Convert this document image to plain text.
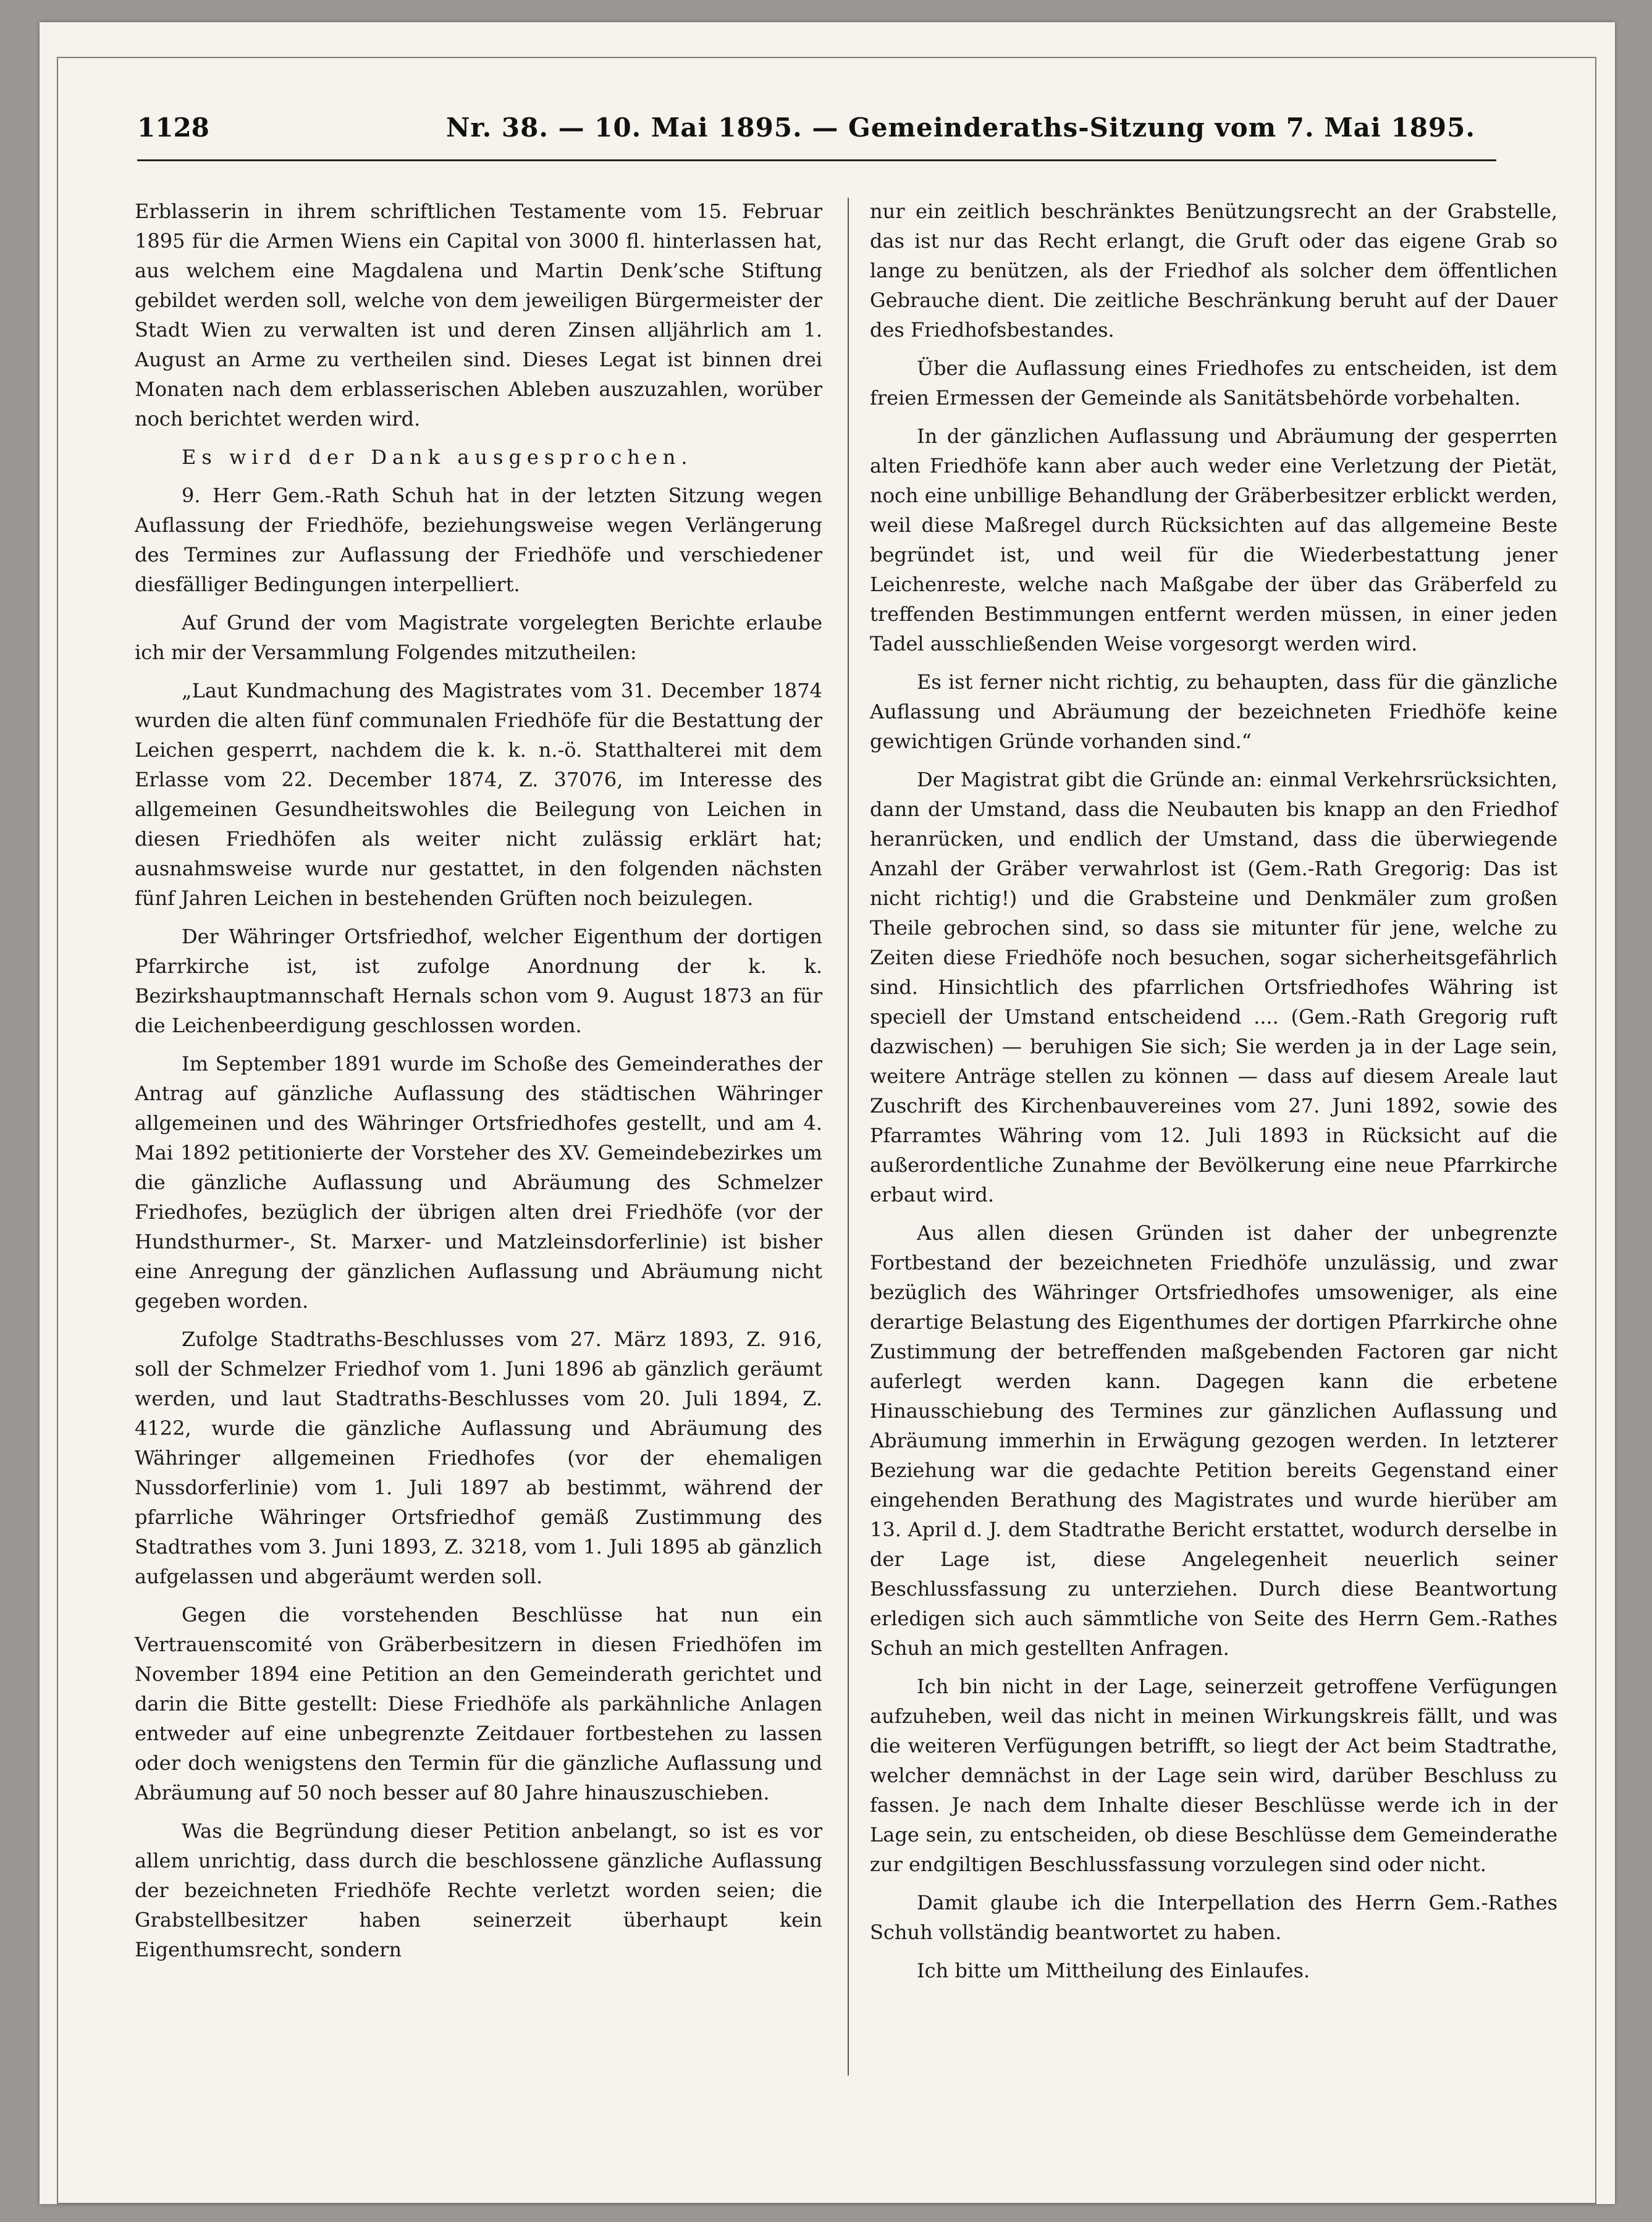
1128	Nr. 38. — 10. Mai 1895. — Gemeinderaths-Sitzung vom 7. Mai 1895.

Erblasserin in ihrem schriftlichen Testamente vom 15. Februar 1895 für die Armen Wiens ein Capital von 3000 fl. hinterlassen hat, aus welchem eine Magdalena und Martin Denk’sche Stiftung gebildet werden soll, welche von dem jeweiligen Bürgermeister der Stadt Wien zu verwalten ist und deren Zinsen alljährlich am 1. August an Arme zu vertheilen sind. Dieses Legat ist binnen drei Monaten nach dem erblasserischen Ableben auszuzahlen, worüber noch berichtet werden wird.

Es wird der Dank ausgesprochen.

9. Herr Gem.-Rath Schuh hat in der letzten Sitzung wegen Auflassung der Friedhöfe, beziehungsweise wegen Verlängerung des Termines zur Auflassung der Friedhöfe und verschiedener diesfälliger Bedingungen interpelliert.

Auf Grund der vom Magistrate vorgelegten Berichte erlaube ich mir der Versammlung Folgendes mitzutheilen:

„Laut Kundmachung des Magistrates vom 31. December 1874 wurden die alten fünf communalen Friedhöfe für die Bestattung der Leichen gesperrt, nachdem die k. k. n.-ö. Statthalterei mit dem Erlasse vom 22. December 1874, Z. 37076, im Interesse des allgemeinen Gesundheitswohles die Beilegung von Leichen in diesen Friedhöfen als weiter nicht zulässig erklärt hat; ausnahmsweise wurde nur gestattet, in den folgenden nächsten fünf Jahren Leichen in bestehenden Grüften noch beizulegen.

Der Währinger Ortsfriedhof, welcher Eigenthum der dortigen Pfarrkirche ist, ist zufolge Anordnung der k. k. Bezirkshauptmannschaft Hernals schon vom 9. August 1873 an für die Leichenbeerdigung geschlossen worden.

Im September 1891 wurde im Schoße des Gemeinderathes der Antrag auf gänzliche Auflassung des städtischen Währinger allgemeinen und des Währinger Ortsfriedhofes gestellt, und am 4. Mai 1892 petitionierte der Vorsteher des XV. Gemeindebezirkes um die gänzliche Auflassung und Abräumung des Schmelzer Friedhofes, bezüglich der übrigen alten drei Friedhöfe (vor der Hundsthurmer-, St. Marxer- und Matzleinsdorferlinie) ist bisher eine Anregung der gänzlichen Auflassung und Abräumung nicht gegeben worden.

Zufolge Stadtraths-Beschlusses vom 27. März 1893, Z. 916, soll der Schmelzer Friedhof vom 1. Juni 1896 ab gänzlich geräumt werden, und laut Stadtraths-Beschlusses vom 20. Juli 1894, Z. 4122, wurde die gänzliche Auflassung und Abräumung des Währinger allgemeinen Friedhofes (vor der ehemaligen Nussdorferlinie) vom 1. Juli 1897 ab bestimmt, während der pfarrliche Währinger Ortsfriedhof gemäß Zustimmung des Stadtrathes vom 3. Juni 1893, Z. 3218, vom 1. Juli 1895 ab gänzlich aufgelassen und abgeräumt werden soll.

Gegen die vorstehenden Beschlüsse hat nun ein Vertrauenscomité von Gräberbesitzern in diesen Friedhöfen im November 1894 eine Petition an den Gemeinderath gerichtet und darin die Bitte gestellt: Diese Friedhöfe als parkähnliche Anlagen entweder auf eine unbegrenzte Zeitdauer fortbestehen zu lassen oder doch wenigstens den Termin für die gänzliche Auflassung und Abräumung auf 50 noch besser auf 80 Jahre hinauszuschieben.

Was die Begründung dieser Petition anbelangt, so ist es vor allem unrichtig, dass durch die beschlossene gänzliche Auflassung der bezeichneten Friedhöfe Rechte verletzt worden seien; die Grabstellbesitzer haben seinerzeit überhaupt kein Eigenthumsrecht, sondern

nur ein zeitlich beschränktes Benützungsrecht an der Grabstelle, das ist nur das Recht erlangt, die Gruft oder das eigene Grab so lange zu benützen, als der Friedhof als solcher dem öffentlichen Gebrauche dient. Die zeitliche Beschränkung beruht auf der Dauer des Friedhofsbestandes.

Über die Auflassung eines Friedhofes zu entscheiden, ist dem freien Ermessen der Gemeinde als Sanitätsbehörde vorbehalten.

In der gänzlichen Auflassung und Abräumung der gesperrten alten Friedhöfe kann aber auch weder eine Verletzung der Pietät, noch eine unbillige Behandlung der Gräberbesitzer erblickt werden, weil diese Maßregel durch Rücksichten auf das allgemeine Beste begründet ist, und weil für die Wiederbestattung jener Leichenreste, welche nach Maßgabe der über das Gräberfeld zu treffenden Bestimmungen entfernt werden müssen, in einer jeden Tadel ausschließenden Weise vorgesorgt werden wird.

Es ist ferner nicht richtig, zu behaupten, dass für die gänzliche Auflassung und Abräumung der bezeichneten Friedhöfe keine gewichtigen Gründe vorhanden sind.“

Der Magistrat gibt die Gründe an: einmal Verkehrsrücksichten, dann der Umstand, dass die Neubauten bis knapp an den Friedhof heranrücken, und endlich der Umstand, dass die überwiegende Anzahl der Gräber verwahrlost ist (Gem.-Rath Gregorig: Das ist nicht richtig!) und die Grabsteine und Denkmäler zum großen Theile gebrochen sind, so dass sie mitunter für jene, welche zu Zeiten diese Friedhöfe noch besuchen, sogar sicherheitsgefährlich sind. Hinsichtlich des pfarrlichen Ortsfriedhofes Währing ist speciell der Umstand entscheidend .... (Gem.-Rath Gregorig ruft dazwischen) — beruhigen Sie sich; Sie werden ja in der Lage sein, weitere Anträge stellen zu können — dass auf diesem Areale laut Zuschrift des Kirchenbauvereines vom 27. Juni 1892, sowie des Pfarramtes Währing vom 12. Juli 1893 in Rücksicht auf die außerordentliche Zunahme der Bevölkerung eine neue Pfarrkirche erbaut wird.

Aus allen diesen Gründen ist daher der unbegrenzte Fortbestand der bezeichneten Friedhöfe unzulässig, und zwar bezüglich des Währinger Ortsfriedhofes umsoweniger, als eine derartige Belastung des Eigenthumes der dortigen Pfarrkirche ohne Zustimmung der betreffenden maßgebenden Factoren gar nicht auferlegt werden kann. Dagegen kann die erbetene Hinausschiebung des Termines zur gänzlichen Auflassung und Abräumung immerhin in Erwägung gezogen werden. In letzterer Beziehung war die gedachte Petition bereits Gegenstand einer eingehenden Berathung des Magistrates und wurde hierüber am 13. April d. J. dem Stadtrathe Bericht erstattet, wodurch derselbe in der Lage ist, diese Angelegenheit neuerlich seiner Beschlussfassung zu unterziehen. Durch diese Beantwortung erledigen sich auch sämmtliche von Seite des Herrn Gem.-Rathes Schuh an mich gestellten Anfragen.

Ich bin nicht in der Lage, seinerzeit getroffene Verfügungen aufzuheben, weil das nicht in meinen Wirkungskreis fällt, und was die weiteren Verfügungen betrifft, so liegt der Act beim Stadtrathe, welcher demnächst in der Lage sein wird, darüber Beschluss zu fassen. Je nach dem Inhalte dieser Beschlüsse werde ich in der Lage sein, zu entscheiden, ob diese Beschlüsse dem Gemeinderathe zur endgiltigen Beschlussfassung vorzulegen sind oder nicht.

Damit glaube ich die Interpellation des Herrn Gem.-Rathes Schuh vollständig beantwortet zu haben.

Ich bitte um Mittheilung des Einlaufes.
